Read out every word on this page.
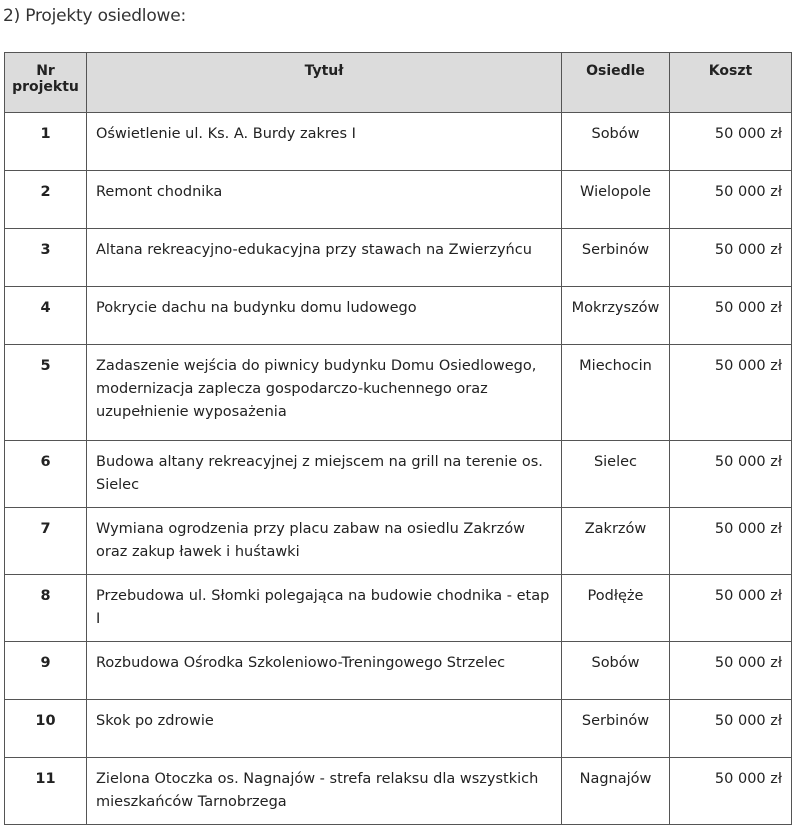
2) Projekty osiedlowe:
Nr
projektu	Tytuł	Osiedle	Koszt
1	Oświetlenie ul. Ks. A. Burdy zakres I	Sobów	50 000 zł
2	Remont chodnika	Wielopole	50 000 zł
3	Altana rekreacyjno-edukacyjna przy stawach na Zwierzyńcu	Serbinów	50 000 zł
4	Pokrycie dachu na budynku domu ludowego	Mokrzyszów	50 000 zł
5	Zadaszenie wejścia do piwnicy budynku Domu Osiedlowego, modernizacja zaplecza gospodarczo-kuchennego oraz uzupełnienie wyposażenia	Miechocin	50 000 zł
6	Budowa altany rekreacyjnej z miejscem na grill na terenie os. Sielec	Sielec	50 000 zł
7	Wymiana ogrodzenia przy placu zabaw na osiedlu Zakrzów oraz zakup ławek i huśtawki	Zakrzów	50 000 zł
8	Przebudowa ul. Słomki polegająca na budowie chodnika - etap I	Podłęże	50 000 zł
9	Rozbudowa Ośrodka Szkoleniowo-Treningowego Strzelec	Sobów	50 000 zł
10	Skok po zdrowie	Serbinów	50 000 zł
11	Zielona Otoczka os. Nagnajów - strefa relaksu dla wszystkich mieszkańców Tarnobrzega	Nagnajów	50 000 zł
